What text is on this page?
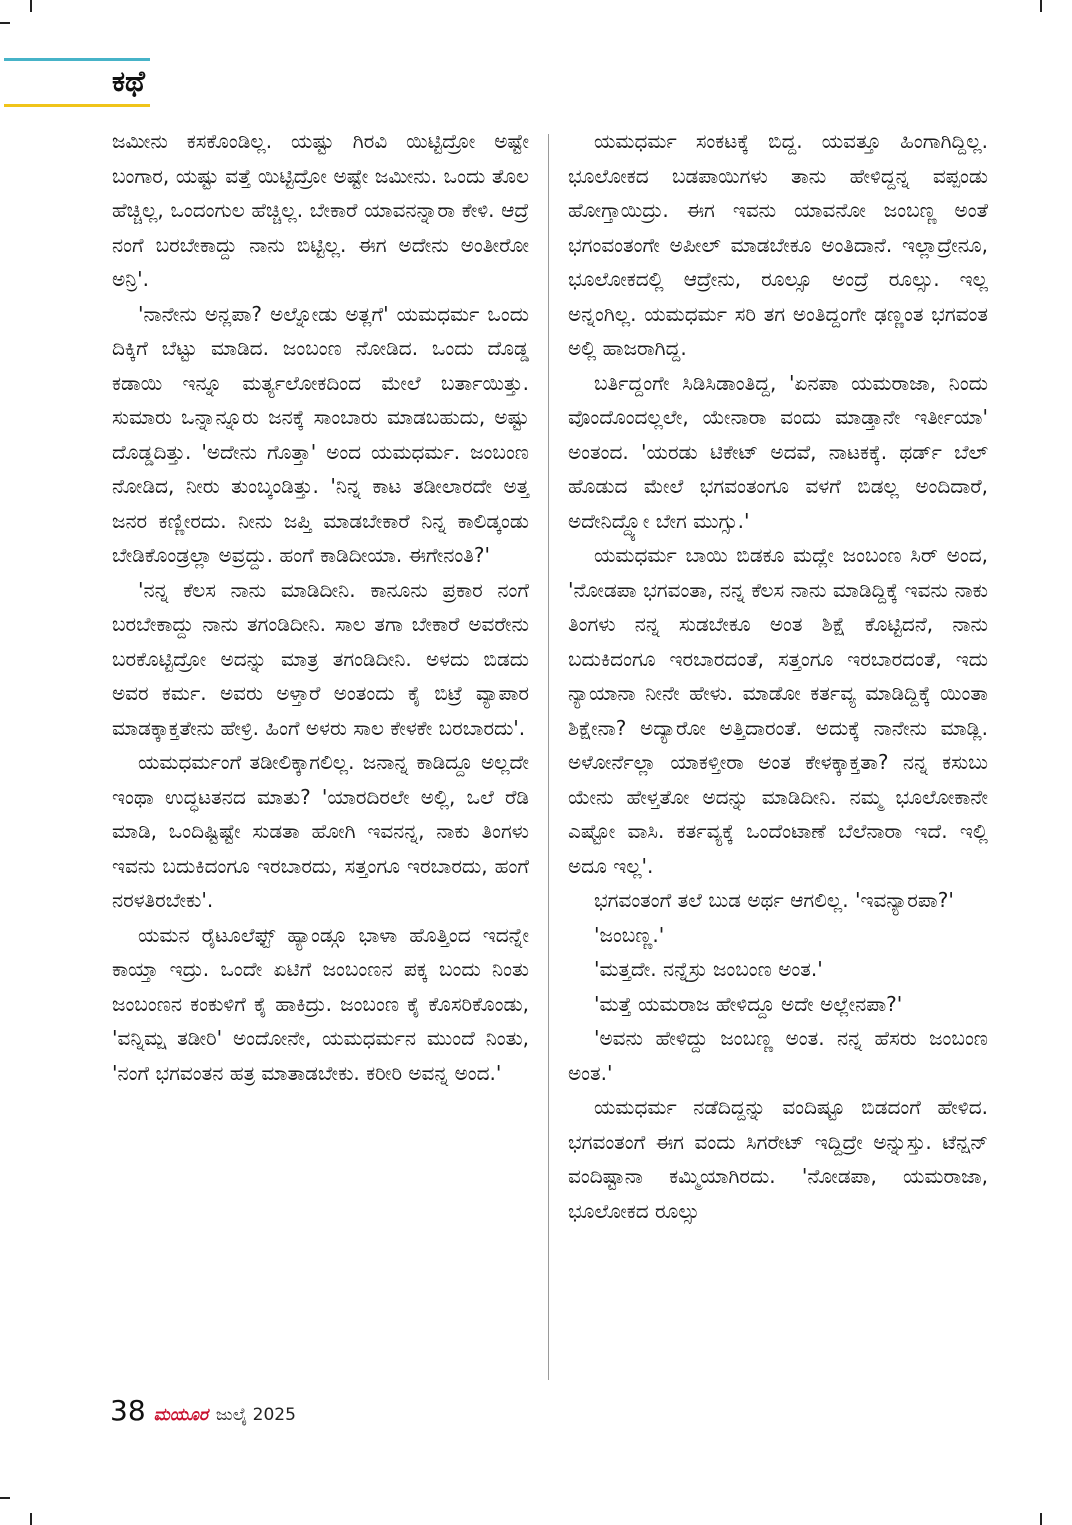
ಕಥೆ

ಜಮೀನು ಕಸಕೊಂಡಿಲ್ಲ. ಯಷ್ಟು ಗಿರವಿ ಯಿಟ್ಟಿದ್ರೋ ಅಷ್ಟೇ ಬಂಗಾರ, ಯಷ್ಟು ವತ್ತೆ ಯಿಟ್ಟಿದ್ರೋ ಅಷ್ಟೇ ಜಮೀನು. ಒಂದು ತೊಲ ಹೆಚ್ಚಿಲ್ಲ, ಒಂದಂಗುಲ ಹೆಚ್ಚಿಲ್ಲ. ಬೇಕಾರೆ ಯಾವನನ್ನಾರಾ ಕೇಳಿ. ಆದ್ರೆ ನಂಗೆ ಬರಬೇಕಾದ್ದು ನಾನು ಬಿಟ್ಟಿಲ್ಲ. ಈಗ ಅದೇನು ಅಂತೀರೋ ಅನ್ರಿ'.

'ನಾನೇನು ಅನ್ಲಪಾ? ಅಲ್ನೋಡು ಅತ್ಲಗೆ' ಯಮಧರ್ಮ ಒಂದು ದಿಕ್ಕಿಗೆ ಬೆಟ್ಟು ಮಾಡಿದ. ಜಂಬಂಣ ನೋಡಿದ. ಒಂದು ದೊಡ್ಡ ಕಡಾಯಿ ಇನ್ನೂ ಮರ್ತ್ಯಲೋಕದಿಂದ ಮೇಲೆ ಬರ್ತಾಯಿತ್ತು. ಸುಮಾರು ಒನ್ನಾನ್ನೂರು ಜನಕ್ಕೆ ಸಾಂಬಾರು ಮಾಡಬಹುದು, ಅಷ್ಟು ದೊಡ್ಡದಿತ್ತು. 'ಅದೇನು ಗೊತ್ತಾ' ಅಂದ ಯಮಧರ್ಮ. ಜಂಬಂಣ ನೋಡಿದ, ನೀರು ತುಂಬ್ಕಂಡಿತ್ತು. 'ನಿನ್ನ ಕಾಟ ತಡೀಲಾರದೇ ಅತ್ತ ಜನರ ಕಣ್ಣೀರದು. ನೀನು ಜಪ್ತಿ ಮಾಡಬೇಕಾರೆ ನಿನ್ನ ಕಾಲಿಡ್ಕಂಡು ಬೇಡಿಕೊಂಡ್ರಲ್ಲಾ ಅವ್ರದ್ದು. ಹಂಗೆ ಕಾಡಿದೀಯಾ. ಈಗೇನಂತಿ?'

'ನನ್ನ ಕೆಲಸ ನಾನು ಮಾಡಿದೀನಿ. ಕಾನೂನು ಪ್ರಕಾರ ನಂಗೆ ಬರಬೇಕಾದ್ದು ನಾನು ತಗಂಡಿದೀನಿ. ಸಾಲ ತಗಾ ಬೇಕಾರೆ ಅವರೇನು ಬರಕೊಟ್ಟಿದ್ರೋ ಅದನ್ನು ಮಾತ್ರ ತಗಂಡಿದೀನಿ. ಅಳದು ಬಿಡದು ಅವರ ಕರ್ಮ. ಅವರು ಅಳ್ತಾರೆ ಅಂತಂದು ಕೈ ಬಿಟ್ರೆ ವ್ಯಾಪಾರ ಮಾಡಕ್ಕಾಕ್ತತೇನು ಹೇಳ್ರಿ. ಹಿಂಗೆ ಅಳರು ಸಾಲ ಕೇಳಕೇ ಬರಬಾರದು'.

ಯಮಧರ್ಮಂಗೆ ತಡೀಲಿಕ್ಕಾಗಲಿಲ್ಲ. ಜನಾನ್ನ ಕಾಡಿದ್ದೂ ಅಲ್ಲದೇ ಇಂಥಾ ಉದ್ಧಟತನದ ಮಾತು? 'ಯಾರದಿರಲೇ ಅಲ್ಲಿ, ಒಲೆ ರೆಡಿ ಮಾಡಿ, ಒಂದಿಷ್ಟಿಷ್ಟೇ ಸುಡತಾ ಹೋಗಿ ಇವನನ್ನ, ನಾಕು ತಿಂಗಳು ಇವನು ಬದುಕಿದಂಗೂ ಇರಬಾರದು, ಸತ್ತಂಗೂ ಇರಬಾರದು, ಹಂಗೆ ನರಳತಿರಬೇಕು'.

ಯಮನ ರೈಟೂಲೆಫ್ಟ್ ಹ್ಯಾಂಡ್ಗೂ ಭಾಳಾ ಹೊತ್ತಿಂದ ಇದನ್ನೇ ಕಾಯ್ತಾ ಇದ್ರು. ಒಂದೇ ಏಟಿಗೆ ಜಂಬಂಣನ ಪಕ್ಕ ಬಂದು ನಿಂತು ಜಂಬಂಣನ ಕಂಕುಳಿಗೆ ಕೈ ಹಾಕಿದ್ರು. ಜಂಬಂಣ ಕೈ ಕೊಸರಿಕೊಂಡು, 'ವನ್ನಿಮ್ಷ ತಡೀರಿ' ಅಂದೋನೇ, ಯಮಧರ್ಮನ ಮುಂದೆ ನಿಂತು, 'ನಂಗೆ ಭಗವಂತನ ಹತ್ರ ಮಾತಾಡಬೇಕು. ಕರೀರಿ ಅವನ್ನ ಅಂದ.'

ಯಮಧರ್ಮ ಸಂಕಟಕ್ಕೆ ಬಿದ್ದ. ಯವತ್ತೂ ಹಿಂಗಾಗಿದ್ದಿಲ್ಲ. ಭೂಲೋಕದ ಬಡಪಾಯಿಗಳು ತಾನು ಹೇಳಿದ್ದನ್ನ ವಪ್ಪಂಡು ಹೋಗ್ತಾಯಿದ್ರು. ಈಗ ಇವನು ಯಾವನೋ ಜಂಬಣ್ಣ ಅಂತೆ ಭಗಂವಂತಂಗೇ ಅಪೀಲ್ ಮಾಡಬೇಕೂ ಅಂತಿದಾನೆ. ಇಲ್ಲಾದ್ರೇನೂ, ಭೂಲೋಕದಲ್ಲಿ ಆದ್ರೇನು, ರೂಲ್ಸೂ ಅಂದ್ರೆ ರೂಲ್ಸು. ಇಲ್ಲ ಅನ್ನಂಗಿಲ್ಲ. ಯಮಧರ್ಮ ಸರಿ ತಗ ಅಂತಿದ್ದಂಗೇ ಢಣ್ಣಂತ ಭಗವಂತ ಅಲ್ಲಿ ಹಾಜರಾಗಿದ್ದ.

ಬರ್ತಿದ್ದಂಗೇ ಸಿಡಿಸಿಡಾಂತಿದ್ದ, 'ಏನಪಾ ಯಮರಾಜಾ, ನಿಂದು ವೊಂದೊಂದಲ್ಲಲೇ, ಯೇನಾರಾ ವಂದು ಮಾಡ್ತಾನೇ ಇರ್ತೀಯಾ' ಅಂತಂದ. 'ಯರಡು ಟಿಕೇಟ್ ಅದವೆ, ನಾಟಕಕ್ಕೆ. ಥರ್ಡ್ ಬೆಲ್ ಹೊಡುದ ಮೇಲೆ ಭಗವಂತಂಗೂ ವಳಗೆ ಬಿಡಲ್ಲ ಅಂದಿದಾರೆ, ಅದೇನಿದ್ದ್ಯೋ ಬೇಗ ಮುಗ್ಸು.'

ಯಮಧರ್ಮ ಬಾಯಿ ಬಿಡಕೂ ಮದ್ಲೇ ಜಂಬಂಣ ಸಿರ್ ಅಂದ, 'ನೋಡಪಾ ಭಗವಂತಾ, ನನ್ನ ಕೆಲಸ ನಾನು ಮಾಡಿದ್ದಿಕ್ಕೆ ಇವನು ನಾಕು ತಿಂಗಳು ನನ್ನ ಸುಡಬೇಕೂ ಅಂತ ಶಿಕ್ಷೆ ಕೊಟ್ಟಿದನೆ, ನಾನು ಬದುಕಿದಂಗೂ ಇರಬಾರದಂತೆ, ಸತ್ತಂಗೂ ಇರಬಾರದಂತೆ, ಇದು ನ್ಯಾಯಾನಾ ನೀನೇ ಹೇಳು. ಮಾಡೋ ಕರ್ತವ್ಯ ಮಾಡಿದ್ದಿಕ್ಕೆ ಯಿಂತಾ ಶಿಕ್ಷೇನಾ? ಅದ್ಯಾರೋ ಅತ್ತಿದಾರಂತೆ. ಅದುಕ್ಕೆ ನಾನೇನು ಮಾಡ್ಲಿ. ಅಳೋರ್ನೆಲ್ಲಾ ಯಾಕಳ್ತೀರಾ ಅಂತ ಕೇಳಕ್ಕಾಕ್ತತಾ? ನನ್ನ ಕಸುಬು ಯೇನು ಹೇಳ್ತತೋ ಅದನ್ನು ಮಾಡಿದೀನಿ. ನಮ್ಮ ಭೂಲೋಕಾನೇ ಎಷ್ಟೋ ವಾಸಿ. ಕರ್ತವ್ಯಕ್ಕೆ ಒಂದೆಂಟಾಣೆ ಬೆಲೆನಾರಾ ಇದೆ. ಇಲ್ಲಿ ಅದೂ ಇಲ್ಲ'.

ಭಗವಂತಂಗೆ ತಲೆ ಬುಡ ಅರ್ಥ ಆಗಲಿಲ್ಲ. 'ಇವನ್ಯಾರಪಾ?'

'ಜಂಬಣ್ಣ.'

'ಮತ್ತದೇ. ನನ್ನೆಸ್ರು ಜಂಬಂಣ ಅಂತ.'

'ಮತ್ತೆ ಯಮರಾಜ ಹೇಳಿದ್ದೂ ಅದೇ ಅಲ್ಲೇನಪಾ?'

'ಅವನು ಹೇಳಿದ್ದು ಜಂಬಣ್ಣ ಅಂತ. ನನ್ನ ಹೆಸರು ಜಂಬಂಣ ಅಂತ.'

ಯಮಧರ್ಮ ನಡೆದಿದ್ದನ್ನು ವಂದಿಷ್ಟೂ ಬಿಡದಂಗೆ ಹೇಳಿದ. ಭಗವಂತಂಗೆ ಈಗ ವಂದು ಸಿಗರೇಟ್ ಇದ್ದಿದ್ರೇ ಅನ್ನುಸ್ತು. ಟೆನ್ಷನ್ ವಂದಿಷ್ಟಾನಾ ಕಮ್ಮಿಯಾಗಿರದು. 'ನೋಡಪಾ, ಯಮರಾಜಾ, ಭೂಲೋಕದ ರೂಲ್ಸು

38 ಮಯೂರ ಜುಲೈ 2025
